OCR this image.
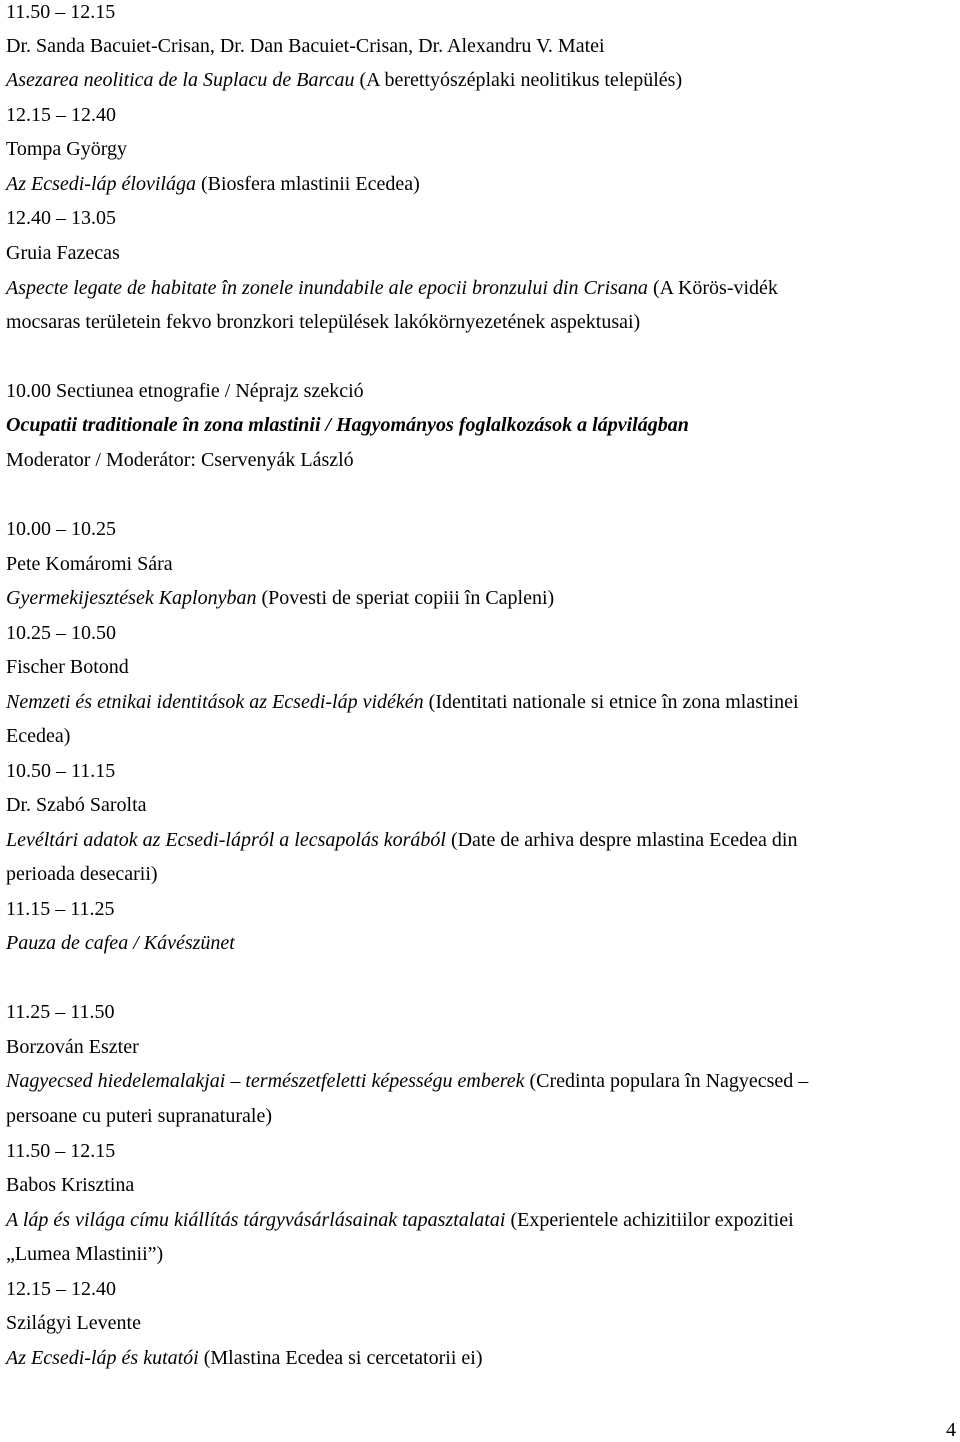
11.50 – 12.15
Dr. Sanda Bacuiet-Crisan, Dr. Dan Bacuiet-Crisan, Dr. Alexandru V. Matei
Asezarea neolitica de la Suplacu de Barcau (A berettyószéplaki neolitikus település)
12.15 – 12.40
Tompa György
Az Ecsedi-láp élovilága (Biosfera mlastinii Ecedea)
12.40 – 13.05
Gruia Fazecas
Aspecte legate de habitate în zonele inundabile ale epocii bronzului din Crisana (A Körös-vidék
mocsaras területein fekvo bronzkori települések lakókörnyezetének aspektusai)
10.00 Sectiunea etnografie / Néprajz szekció
Ocupatii traditionale în zona mlastinii / Hagyományos foglalkozások a lápvilágban
Moderator / Moderátor: Cservenyák László
10.00 – 10.25
Pete Komáromi Sára
Gyermekijesztések Kaplonyban (Povesti de speriat copiii în Capleni)
10.25 – 10.50
Fischer Botond
Nemzeti és etnikai identitások az Ecsedi-láp vidékén (Identitati nationale si etnice în zona mlastinei
Ecedea)
10.50 – 11.15
Dr. Szabó Sarolta
Levéltári adatok az Ecsedi-lápról a lecsapolás korából (Date de arhiva despre mlastina Ecedea din
perioada desecarii)
11.15 – 11.25
Pauza de cafea / Kávészünet
11.25 – 11.50
Borzován Eszter
Nagyecsed hiedelemalakjai – természetfeletti képességu emberek (Credinta populara în Nagyecsed –
persoane cu puteri supranaturale)
11.50 – 12.15
Babos Krisztina
A láp és világa címu kiállítás tárgyvásárlásainak tapasztalatai (Experientele achizitiilor expozitiei
„Lumea Mlastinii”)
12.15 – 12.40
Szilágyi Levente
Az Ecsedi-láp és kutatói (Mlastina Ecedea si cercetatorii ei)
4
